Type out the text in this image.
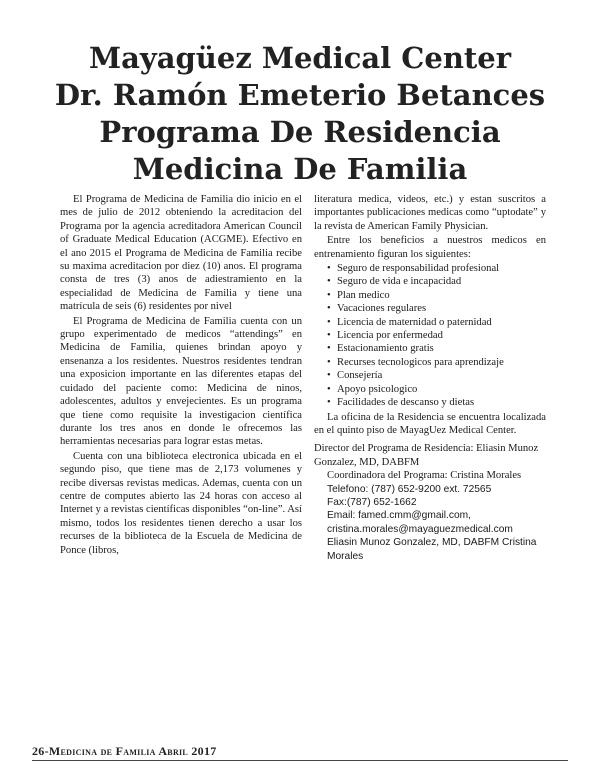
Mayagüez Medical Center
Dr. Ramón Emeterio Betances
Programa De Residencia
Medicina De Familia

El Programa de Medicina de Familia dio inicio en el mes de julio de 2012 obteniendo la acreditacion del Programa por la agencia acreditadora American Council of Graduate Medical Education (ACGME). Efectivo en el ano 2015 el Programa de Medicina de Familia recibe su maxima acreditacion por diez (10) anos. El programa consta de tres (3) anos de adiestramiento en la especialidad de Medicina de Familia y tiene una matrícula de seis (6) residentes por nivel

El Programa de Medicina de Familia cuenta con un grupo experimentado de medicos “attendings” en Medicina de Familia, quienes brindan apoyo y ensenanza a los residentes. Nuestros residentes tendran una exposicion importante en las diferentes etapas del cuidado del paciente como: Medicina de ninos, adolescentes, adultos y envejecientes. Es un programa que tiene como requisite la investigacion científica durante los tres anos en donde le ofrecemos las herramientas necesarias para lograr estas metas.

Cuenta con una biblioteca electronica ubicada en el segundo piso, que tiene mas de 2,173 volumenes y recibe diversas revistas medicas. Ademas, cuenta con un centre de computes abierto las 24 horas con acceso al Internet y a revistas científicas disponibles “on-line”. Así mismo, todos los residentes tienen derecho a usar los recurses de la biblioteca de la Escuela de Medicina de Ponce (libros,

literatura medica, videos, etc.) y estan suscritos a importantes publicaciones medicas como “uptodate” y la revista de American Family Physician.

Entre los beneficios a nuestros medicos en entrenamiento figuran los siguientes:

• Seguro de responsabilidad profesional
• Seguro de vida e incapacidad
• Plan medico
• Vacaciones regulares
• Licencia de maternidad o paternidad
• Licencia por enfermedad
• Estacionamiento gratis
• Recurses tecnologicos para aprendizaje
• Consejería
• Apoyo psicologico
• Facilidades de descanso y dietas

La oficina de la Residencia se encuentra localizada en el quinto piso de MayagUez Medical Center.

Director del Programa de Residencia: Eliasin Munoz Gonzalez, MD, DABFM

Coordinadora del Programa: Cristina Morales

Telefono: (787) 652-9200 ext. 72565

Fax:(787) 652-1662

Email: famed.cmm@gmail.com, cristina.morales@mayaguezmedical.com

Eliasin Munoz Gonzalez, MD, DABFM Cristina Morales

26-Medicina de Familia Abril 2017
